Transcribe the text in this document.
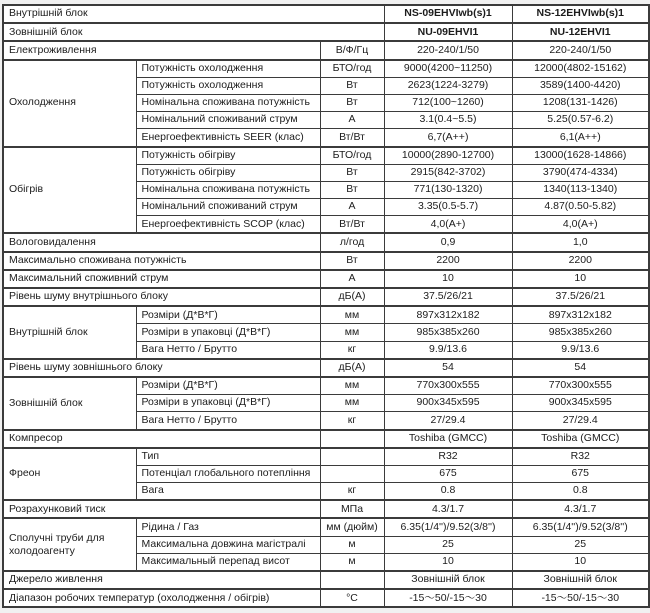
Внутрішній блок			NS-09EHVIwb(s)1	NS-12EHVIwb(s)1
Зовнішній блок			NU-09EHVI1	NU-12EHVI1
Електроживлення		В/Ф/Гц	220-240/1/50	220-240/1/50
Охолодження	Потужність охолодження	БТО/год	9000(4200~11250)	12000(4802-15162)
	Потужність охолодження	Вт	2623(1224-3279)	3589(1400-4420)
	Номінальна споживана потужність	Вт	712(100~1260)	1208(131-1426)
	Номінальний споживаний струм	А	3.1(0.4~5.5)	5.25(0.57-6.2)
	Енергоефективність SEER (клас)	Вт/Вт	6,7(A++)	6,1(A++)
Обігрів	Потужність обігріву	БТО/год	10000(2890-12700)	13000(1628-14866)
	Потужність обігріву	Вт	2915(842-3702)	3790(474-4334)
	Номінальна споживана потужність	Вт	771(130-1320)	1340(113-1340)
	Номінальний споживаний струм	А	3.35(0.5-5.7)	4.87(0.50-5.82)
	Енергоефективність SCOP (клас)	Вт/Вт	4,0(A+)	4,0(A+)
Вологовидалення		л/год	0,9	1,0
Максимально споживана потужність		Вт	2200	2200
Максимальний споживний струм		А	10	10
Рівень шуму внутрішнього блоку		дБ(А)	37.5/26/21	37.5/26/21
Внутрішній блок	Розміри (Д*В*Г)	мм	897x312x182	897x312x182
	Розміри в упаковці (Д*В*Г)	мм	985x385x260	985x385x260
	Вага Нетто / Брутто	кг	9.9/13.6	9.9/13.6
Рівень шуму зовнішнього блоку		дБ(А)	54	54
Зовнішній блок	Розміри (Д*В*Г)	мм	770x300x555	770x300x555
	Розміри в упаковці (Д*В*Г)	мм	900x345x595	900x345x595
	Вага Нетто / Брутто	кг	27/29.4	27/29.4
Компресор			Toshiba (GMCC)	Toshiba (GMCC)
Фреон	Тип		R32	R32
	Потенціал глобального потепління		675	675
	Вага	кг	0.8	0.8
Розрахунковий тиск		МПа	4.3/1.7	4.3/1.7
Сполучні труби для холодоагенту	Рідина / Газ	мм (дюйм)	6.35(1/4'')/9.52(3/8'')	6.35(1/4'')/9.52(3/8'')
	Максимальна довжина магістралі	м	25	25
	Максимальный перепад висот	м	10	10
Джерело живлення			Зовнішній блок	Зовнішній блок
Діапазон робочих температур (охолодження / обігрів)		°С	-15～50/-15～30	-15～50/-15～30
